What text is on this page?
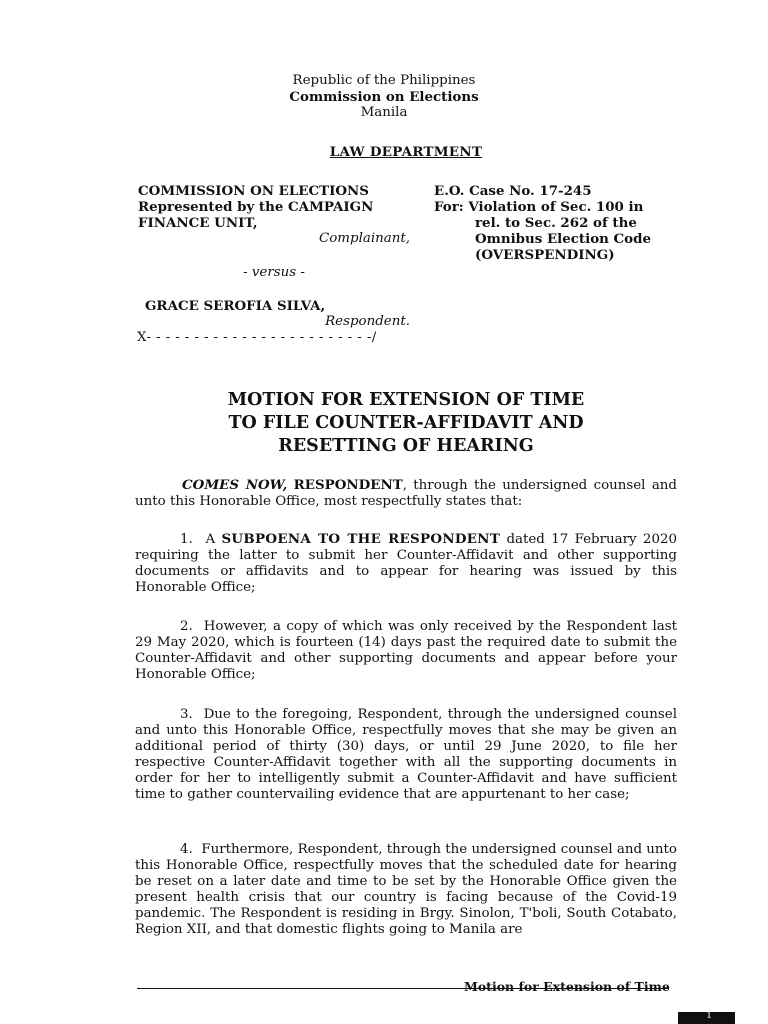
Republic of the Philippines
Commission on Elections
Manila
LAW DEPARTMENT
COMMISSION ON ELECTIONS
Represented by the CAMPAIGN
FINANCE UNIT,
Complainant,
E.O. Case No. 17-245
For: Violation of Sec. 100 in
rel. to Sec. 262 of the
Omnibus Election Code
(OVERSPENDING)
- versus -
GRACE SEROFIA SILVA,
Respondent.
X- - - - - - - - - - - - - - - - - - - - - - - -/
MOTION FOR EXTENSION OF TIME
TO FILE COUNTER-AFFIDAVIT AND
RESETTING OF HEARING
COMES NOW, RESPONDENT, through the undersigned counsel and unto this Honorable Office, most respectfully states that:
1. A SUBPOENA TO THE RESPONDENT dated 17 February 2020 requiring the latter to submit her Counter-Affidavit and other supporting documents or affidavits and to appear for hearing was issued by this Honorable Office;
2. However, a copy of which was only received by the Respondent last 29 May 2020, which is fourteen (14) days past the required date to submit the Counter-Affidavit and other supporting documents and appear before your Honorable Office;
3. Due to the foregoing, Respondent, through the undersigned counsel and unto this Honorable Office, respectfully moves that she may be given an additional period of thirty (30) days, or until 29 June 2020, to file her respective Counter-Affidavit together with all the supporting documents in order for her to intelligently submit a Counter-Affidavit and have sufficient time to gather countervailing evidence that are appurtenant to her case;
4. Furthermore, Respondent, through the undersigned counsel and unto this Honorable Office, respectfully moves that the scheduled date for hearing be reset on a later date and time to be set by the Honorable Office given the present health crisis that our country is facing because of the Covid-19 pandemic. The Respondent is residing in Brgy. Sinolon, T'boli, South Cotabato, Region XII, and that domestic flights going to Manila are
Motion for Extension of Time
1
